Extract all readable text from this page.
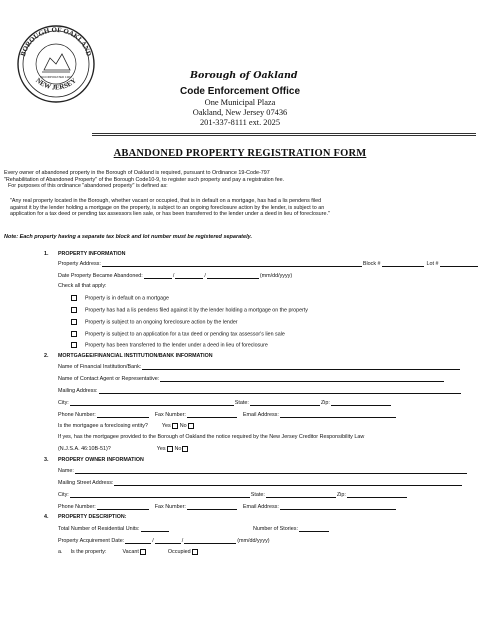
BOROUGH OF OAKLAND
NEW JERSEY
INCORPORATED 1902	Borough of Oakland
Code Enforcement Office
One Municipal Plaza
Oakland, New Jersey 07436
201-337-8111 ext. 2025
ABANDONED PROPERTY REGISTRATION FORM
Every owner of abandoned property in the Borough of Oakland is required, pursuant to Ordinance 19-Code-797
"Rehabilitation of Abandoned Property" of the Borough Code10-9, to register such property and pay a registration fee.
For purposes of this ordinance "abandoned property" is defined as:
"Any real property located in the Borough, whether vacant or occupied, that is in default on a mortgage, has had a lis pendens filed
against it by the lender holding a mortgage on the property, is subject to an ongoing foreclosure action by the lender, is subject to an
application for a tax deed or pending tax assessors lien sale, or has been transferred to the lender under a deed in lieu of foreclosure."
Note: Each property having a separate tax block and lot number must be registered separately.
1. PROPERTY INFORMATION
Property Address:	Block #	Lot #
Date Property Became Abandoned:	/	/	(mm/dd/yyyy)
Check all that apply:
Property is in default on a mortgage
Property has had a lis pendens filed against it by the lender holding a mortgage on the property
Property is subject to an ongoing foreclosure action by the lender
Property is subject to an application for a tax deed or pending tax assessor's lien sale
Property has been transferred to the lender under a deed in lieu of foreclosure
2. MORTGAGEE/FINANCIAL INSTITUTION/BANK INFORMATION
Name of Financial Institution/Bank:
Name of Contact Agent or Representative:
Mailing Address:
City:	State:	Zip:
Phone Number:	Fax Number:	Email Address:
Is the mortgagee a foreclosing entity?	Yes No
If yes, has the mortgagee provided to the Borough of Oakland the notice required by the New Jersey Creditor Responsibility Law
(N.J.S.A. 46:10B-51)?	Yes No
3. PROPERY OWNER INFORMATION
Name:
Mailing Street Address:
City:	State:	Zip:
Phone Number:	Fax Number:	Email Address:
4. PROPERTY DESCRIPTION:
Total Number of Residential Units:	Number of Stories:
Property Acquirement Date:	/	/	(mm/dd/yyyy)
a. Is the property:	Vacant	Occupied
